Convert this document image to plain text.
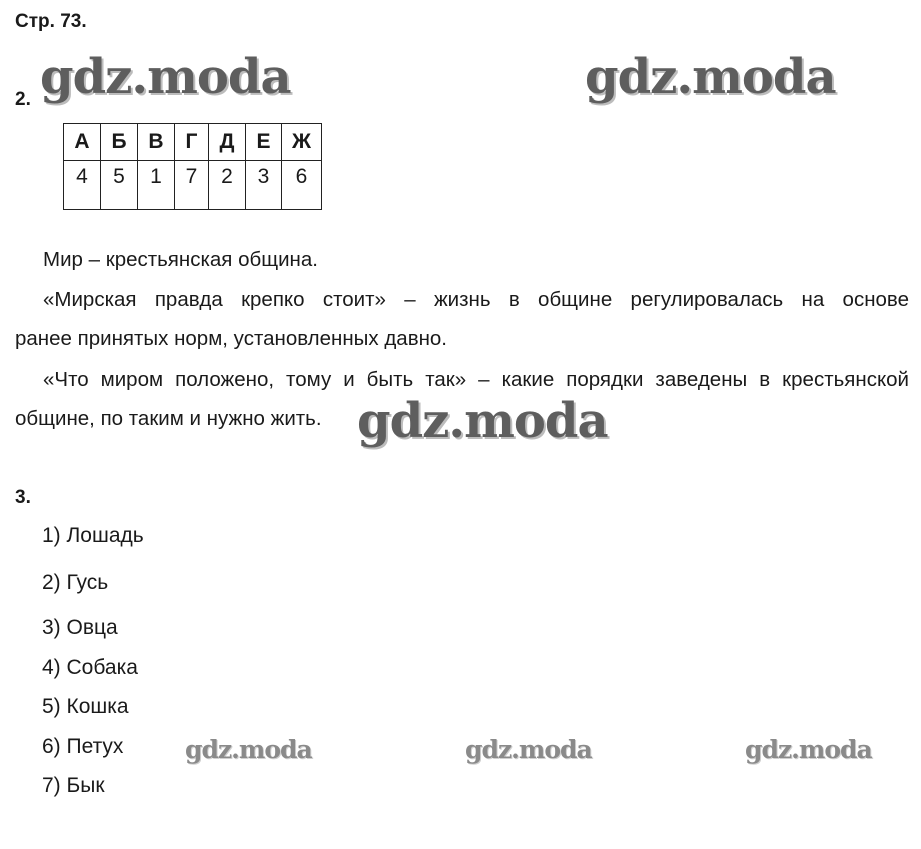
Стр. 73.
2.
А	Б	В	Г	Д	Е	Ж
4	5	1	7	2	3	6
Мир – крестьянская община.
«Мирская правда крепко стоит» – жизнь в общине регулировалась на основе
ранее принятых норм, установленных давно.
«Что миром положено, тому и быть так» – какие порядки заведены в крестьянской
общине, по таким и нужно жить.
3.
1) Лошадь
2) Гусь
3) Овца
4) Собака
5) Кошка
6) Петух
7) Бык
gdz.moda	gdz.moda
gdz.moda
gdz.moda	gdz.moda	gdz.moda
